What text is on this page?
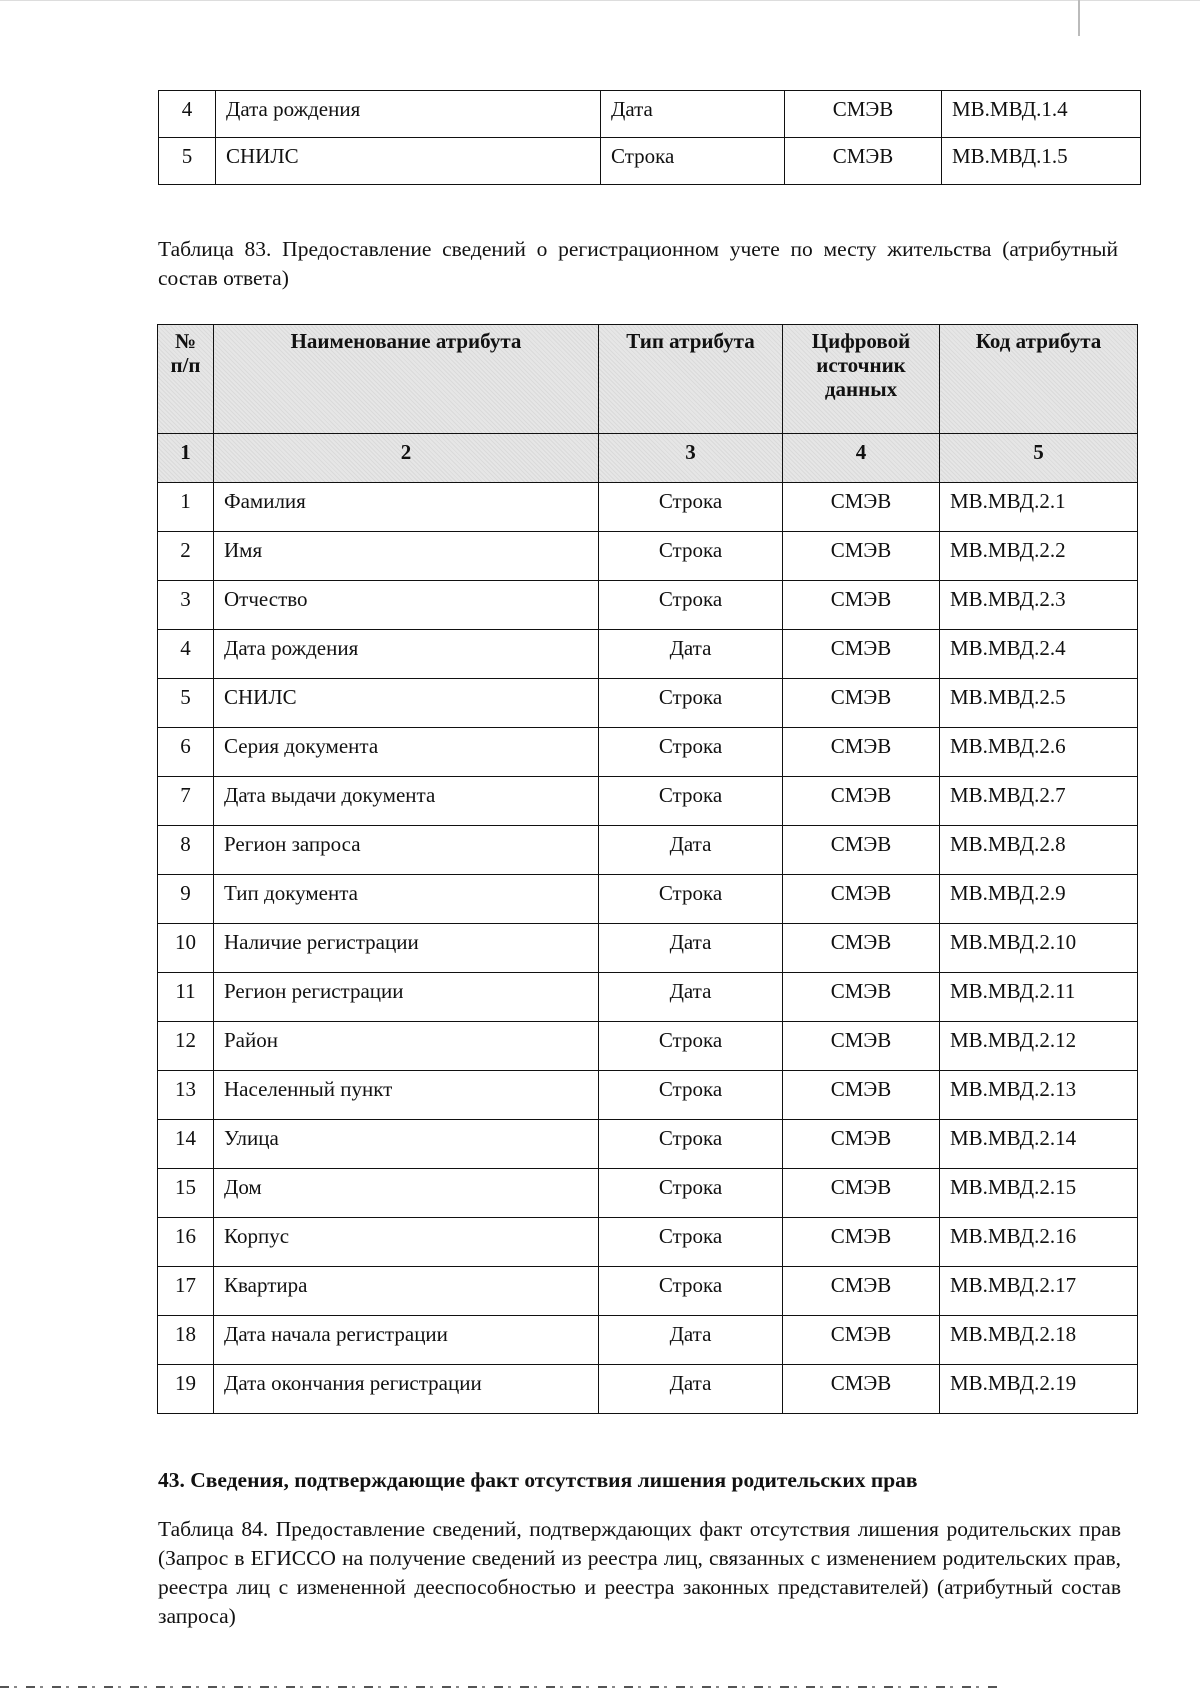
4	Дата рождения	Дата	СМЭВ	МВ.МВД.1.4
5	СНИЛС	Строка	СМЭВ	МВ.МВД.1.5
Таблица 83. Предоставление сведений о регистрационном учете по месту жительства (атрибутный состав ответа)
№ п/п	Наименование атрибута	Тип атрибута	Цифровой источник данных	Код атрибута
1	2	3	4	5
1	Фамилия	Строка	СМЭВ	МВ.МВД.2.1
2	Имя	Строка	СМЭВ	МВ.МВД.2.2
3	Отчество	Строка	СМЭВ	МВ.МВД.2.3
4	Дата рождения	Дата	СМЭВ	МВ.МВД.2.4
5	СНИЛС	Строка	СМЭВ	МВ.МВД.2.5
6	Серия документа	Строка	СМЭВ	МВ.МВД.2.6
7	Дата выдачи документа	Строка	СМЭВ	МВ.МВД.2.7
8	Регион запроса	Дата	СМЭВ	МВ.МВД.2.8
9	Тип документа	Строка	СМЭВ	МВ.МВД.2.9
10	Наличие регистрации	Дата	СМЭВ	МВ.МВД.2.10
11	Регион регистрации	Дата	СМЭВ	МВ.МВД.2.11
12	Район	Строка	СМЭВ	МВ.МВД.2.12
13	Населенный пункт	Строка	СМЭВ	МВ.МВД.2.13
14	Улица	Строка	СМЭВ	МВ.МВД.2.14
15	Дом	Строка	СМЭВ	МВ.МВД.2.15
16	Корпус	Строка	СМЭВ	МВ.МВД.2.16
17	Квартира	Строка	СМЭВ	МВ.МВД.2.17
18	Дата начала регистрации	Дата	СМЭВ	МВ.МВД.2.18
19	Дата окончания регистрации	Дата	СМЭВ	МВ.МВД.2.19
43. Сведения, подтверждающие факт отсутствия лишения родительских прав
Таблица 84. Предоставление сведений, подтверждающих факт отсутствия лишения родительских прав (Запрос в ЕГИССО на получение сведений из реестра лиц, связанных с изменением родительских прав, реестра лиц с измененной дееспособностью и реестра законных представителей) (атрибутный состав запроса)
